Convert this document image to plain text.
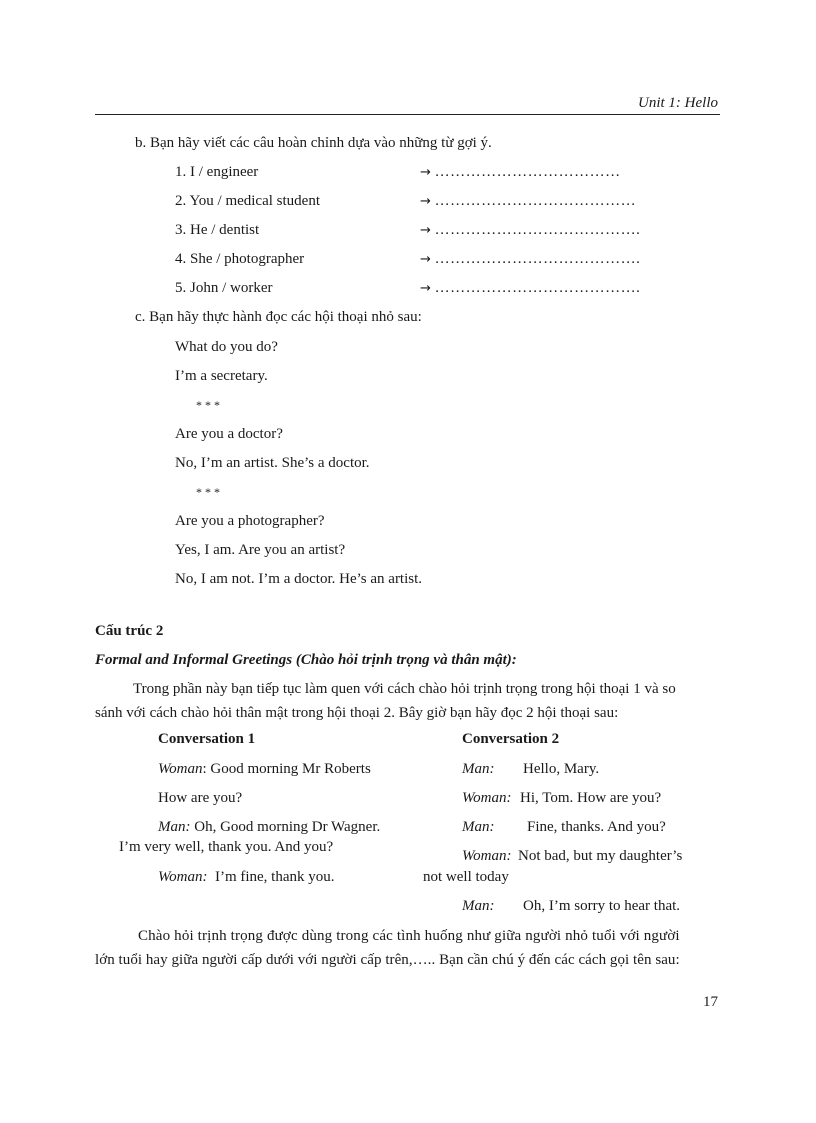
Unit 1: Hello
b. Bạn hãy viết các câu hoàn chỉnh dựa vào những từ gợi ý.
1. I / engineer	→ ………………………………
2. You / medical student	→ …………………………………
3. He / dentist	→ ………………………………….
4. She / photographer	→ ………………………………….
5. John / worker	→ ………………………………….
c. Bạn hãy thực hành đọc các hội thoại nhỏ sau:
What do you do?
I’m a secretary.
* * *
Are you a doctor?
No, I’m an artist. She’s a doctor.
* * *
Are you a photographer?
Yes, I am. Are you an artist?
No, I am not. I’m a doctor. He’s an artist.
Cấu trúc 2
Formal and Informal Greetings (Chào hỏi trịnh trọng và thân mật):
Trong phần này bạn tiếp tục làm quen với cách chào hỏi trịnh trọng trong hội thoại 1 và so
sánh với cách chào hỏi thân mật trong hội thoại 2. Bây giờ bạn hãy đọc 2 hội thoại sau:
Conversation 1
Woman: Good morning Mr Roberts
How are you?
Man: Oh, Good morning Dr Wagner.
I’m very well, thank you. And you?
Woman: I’m fine, thank you.
Conversation 2
Man: Hello, Mary.
Woman: Hi, Tom. How are you?
Man: Fine, thanks. And you?
Woman: Not bad, but my daughter’s
not well today
Man: Oh, I’m sorry to hear that.
Chào hỏi trịnh trọng được dùng trong các tình huống như giữa người nhỏ tuổi với người
lớn tuổi hay giữa người cấp dưới với người cấp trên,….. Bạn cần chú ý đến các cách gọi tên sau:
17
